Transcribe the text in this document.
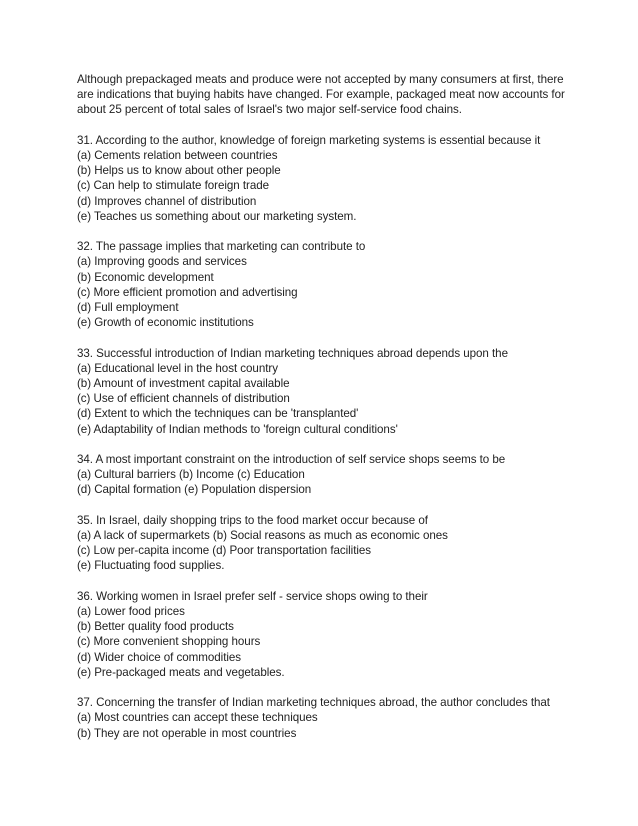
Although prepackaged meats and produce were not accepted by many consumers at first, there
are indications that buying habits have changed. For example, packaged meat now accounts for
about 25 percent of total sales of Israel's two major self-service food chains.
31. According to the author, knowledge of foreign marketing systems is essential because it
(a) Cements relation between countries
(b) Helps us to know about other people
(c) Can help to stimulate foreign trade
(d) Improves channel of distribution
(e) Teaches us something about our marketing system.
32. The passage implies that marketing can contribute to
(a) Improving goods and services
(b) Economic development
(c) More efficient promotion and advertising
(d) Full employment
(e) Growth of economic institutions
33. Successful introduction of Indian marketing techniques abroad depends upon the
(a) Educational level in the host country
(b) Amount of investment capital available
(c) Use of efficient channels of distribution
(d) Extent to which the techniques can be 'transplanted'
(e) Adaptability of Indian methods to 'foreign cultural conditions'
34. A most important constraint on the introduction of self service shops seems to be
(a) Cultural barriers (b) Income (c) Education
(d) Capital formation (e) Population dispersion
35. In Israel, daily shopping trips to the food market occur because of
(a) A lack of supermarkets (b) Social reasons as much as economic ones
(c) Low per-capita income (d) Poor transportation facilities
(e) Fluctuating food supplies.
36. Working women in Israel prefer self - service shops owing to their
(a) Lower food prices
(b) Better quality food products
(c) More convenient shopping hours
(d) Wider choice of commodities
(e) Pre-packaged meats and vegetables.
37. Concerning the transfer of Indian marketing techniques abroad, the author concludes that
(a) Most countries can accept these techniques
(b) They are not operable in most countries
